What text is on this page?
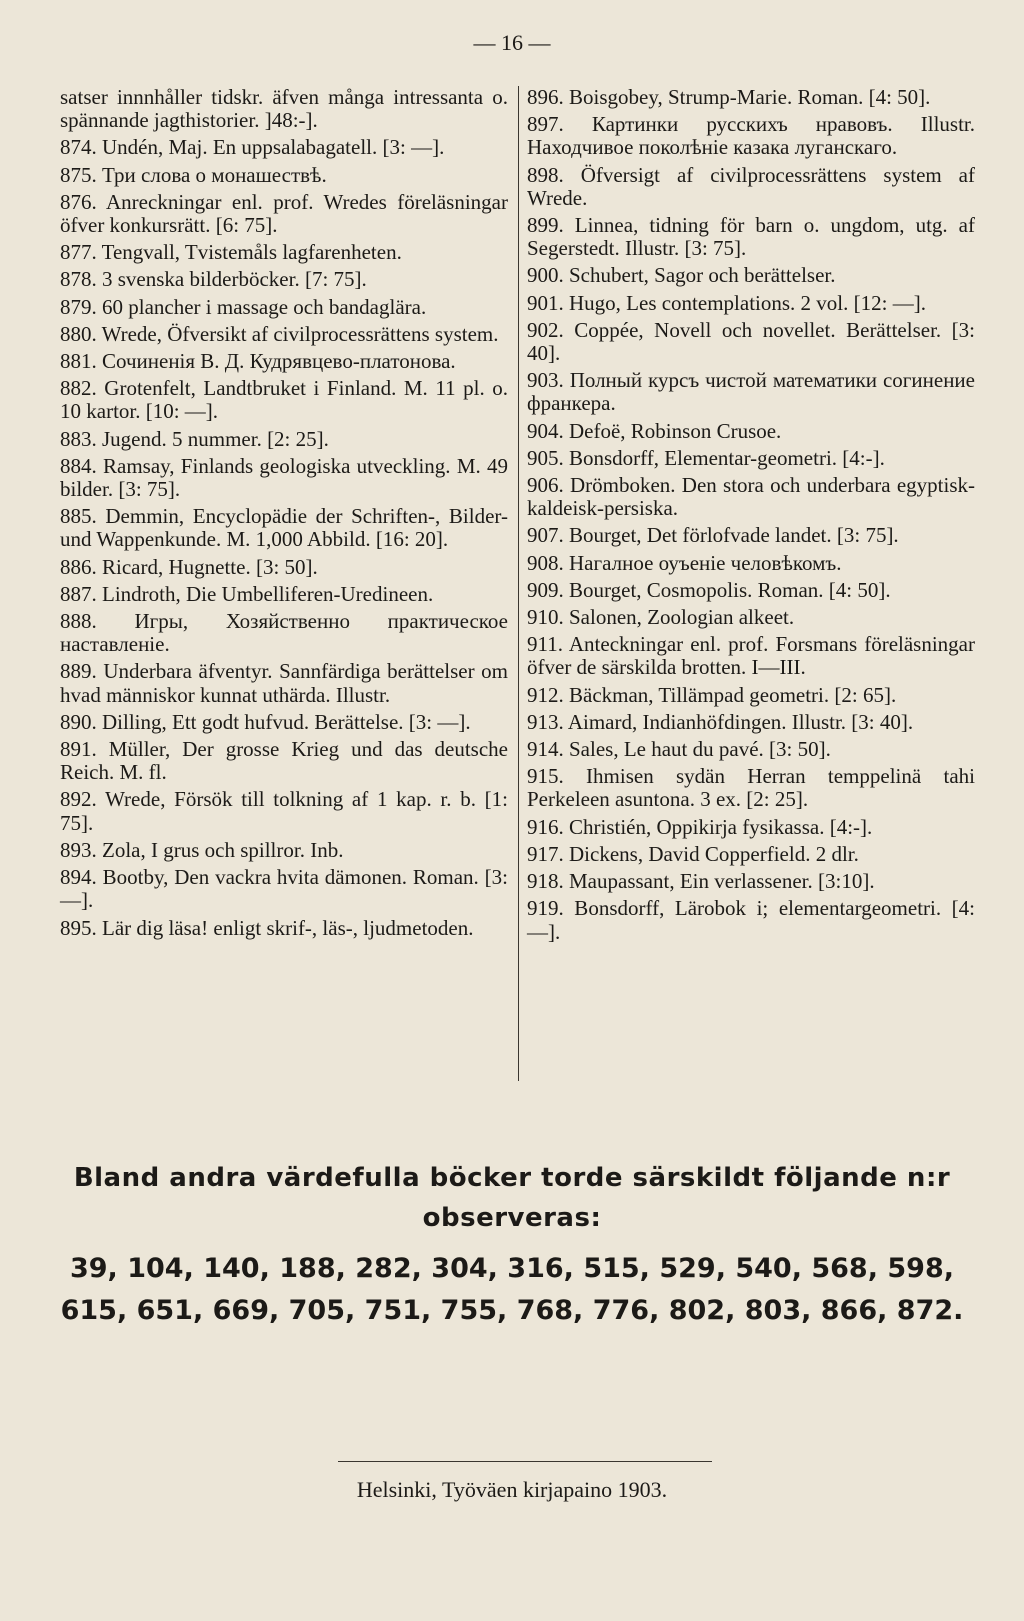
— 16 —
satser innnhåller tidskr. äfven många intressanta o. spännande jagthistorier. ]48:-].
874. Undén, Maj. En uppsalabagatell. [3: —].
875. Три слова о монашествѣ.
876. Anreckningar enl. prof. Wredes föreläsningar öfver konkursrätt. [6: 75].
877. Tengvall, Tvistemåls lagfarenheten.
878. 3 svenska bilderböcker. [7: 75].
879. 60 plancher i massage och bandaglära.
880. Wrede, Öfversikt af civilprocessrättens system.
881. Сочиненія В. Д. Кудрявцево-платонова.
882. Grotenfelt, Landtbruket i Finland. M. 11 pl. o. 10 kartor. [10: —].
883. Jugend. 5 nummer. [2: 25].
884. Ramsay, Finlands geologiska utveckling. M. 49 bilder. [3: 75].
885. Demmin, Encyclopädie der Schriften-, Bilder- und Wappenkunde. M. 1,000 Abbild. [16: 20].
886. Ricard, Hugnette. [3: 50].
887. Lindroth, Die Umbelliferen-Uredineen.
888. Игры, Хозяйственно практическое наставленіе.
889. Underbara äfventyr. Sannfärdiga berättelser om hvad människor kunnat uthärda. Illustr.
890. Dilling, Ett godt hufvud. Berättelse. [3: —].
891. Müller, Der grosse Krieg und das deutsche Reich. M. fl.
892. Wrede, Försök till tolkning af 1 kap. r. b. [1: 75].
893. Zola, I grus och spillror. Inb.
894. Bootby, Den vackra hvita dämonen. Roman. [3: —].
895. Lär dig läsa! enligt skrif-, läs-, ljudmetoden.
896. Boisgobey, Strump-Marie. Roman. [4: 50].
897. Картинки русскихъ нравовъ. Illustr. Находчивое поколѣніе казака луганскаго.
898. Öfversigt af civilprocessrättens system af Wrede.
899. Linnea, tidning för barn o. ungdom, utg. af Segerstedt. Illustr. [3: 75].
900. Schubert, Sagor och berättelser.
901. Hugo, Les contemplations. 2 vol. [12: —].
902. Coppée, Novell och novellet. Berättelser. [3: 40].
903. Полный курсъ чистой математики согинение франкера.
904. Defoë, Robinson Crusoe.
905. Bonsdorff, Elementar-geometri. [4:-].
906. Drömboken. Den stora och underbara egyptisk-kaldeisk-persiska.
907. Bourget, Det förlofvade landet. [3: 75].
908. Нагалное оуъеніе человѣкомъ.
909. Bourget, Cosmopolis. Roman. [4: 50].
910. Salonen, Zoologian alkeet.
911. Anteckningar enl. prof. Forsmans föreläsningar öfver de särskilda brotten. I—III.
912. Bäckman, Tillämpad geometri. [2: 65].
913. Aimard, Indianhöfdingen. Illustr. [3: 40].
914. Sales, Le haut du pavé. [3: 50].
915. Ihmisen sydän Herran temppelinä tahi Perkeleen asuntona. 3 ex. [2: 25].
916. Christién, Oppikirja fysikassa. [4:-].
917. Dickens, David Copperfield. 2 dlr.
918. Maupassant, Ein verlassener. [3:10].
919. Bonsdorff, Lärobok i; elementargeometri. [4: —].
Bland andra värdefulla böcker torde särskildt följande n:r observeras:
39, 104, 140, 188, 282, 304, 316, 515, 529, 540, 568, 598, 615, 651, 669, 705, 751, 755, 768, 776, 802, 803, 866, 872.
Helsinki, Työväen kirjapaino 1903.
